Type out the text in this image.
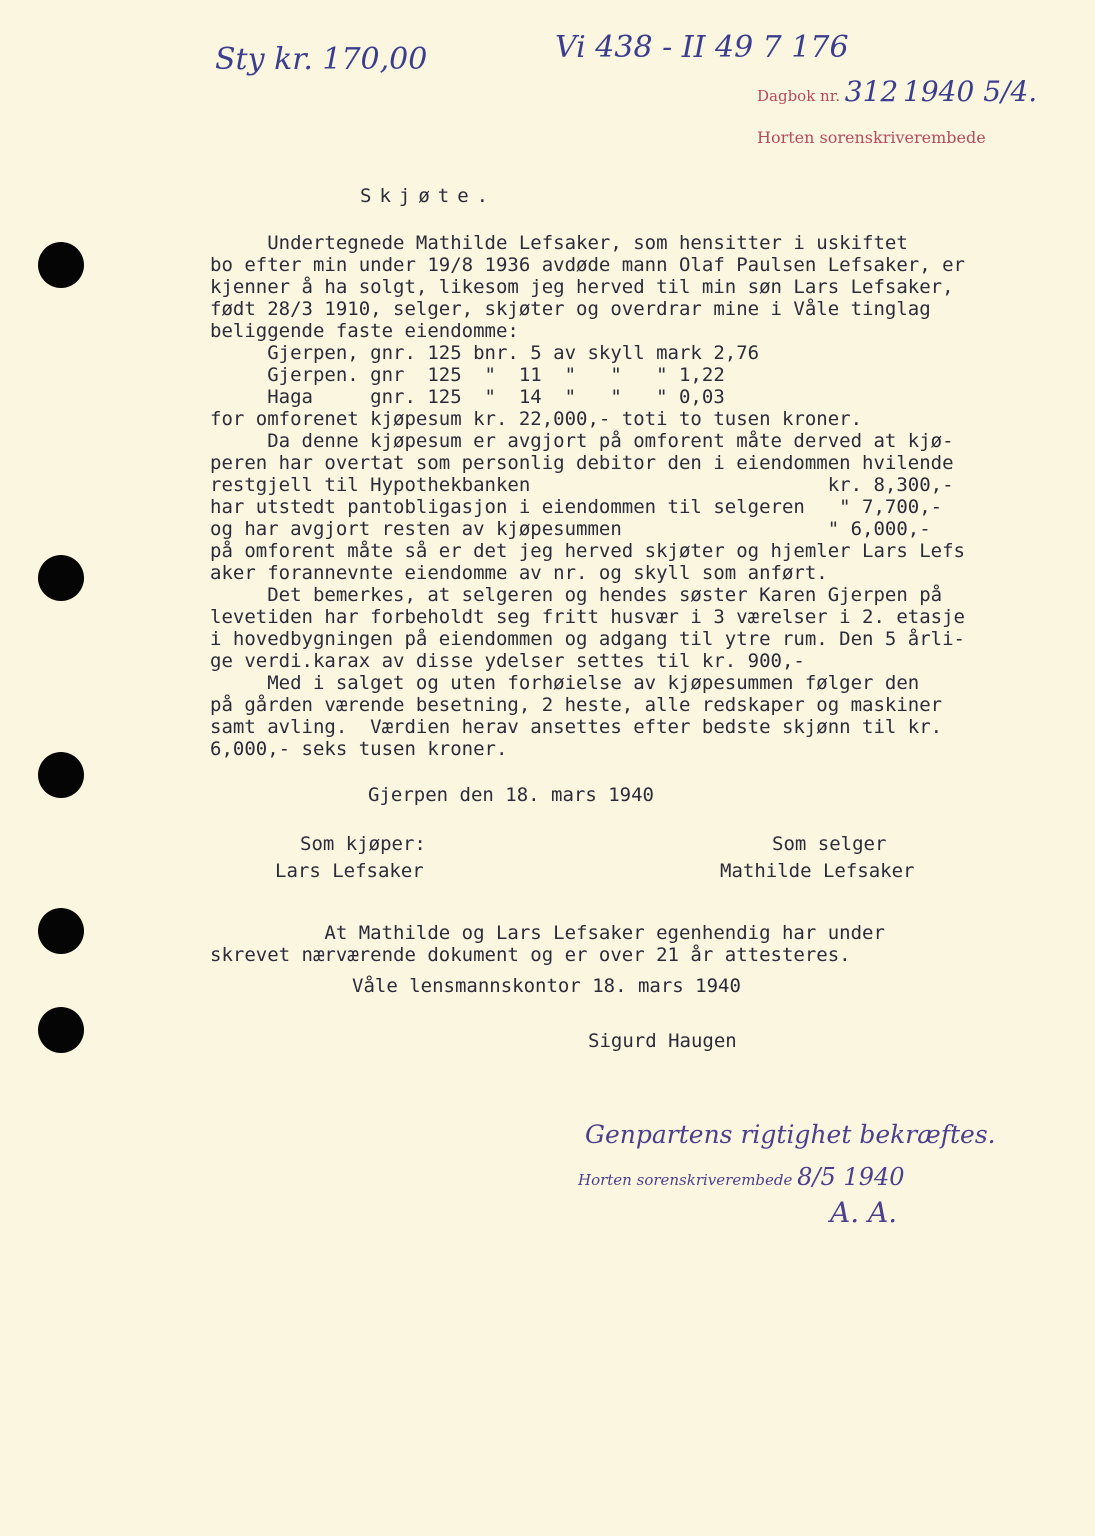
Sty kr. 170,00	Vi 438 - II 49 7 176
Dagbok nr. 312 1940 5/4.
Horten sorenskriverembede
Skjøte.
Undertegnede Mathilde Lefsaker, som hensitter i uskiftet
bo efter min under 19/8 1936 avdøde mann Olaf Paulsen Lefsaker, er
kjenner å ha solgt, likesom jeg herved til min søn Lars Lefsaker,
født 28/3 1910, selger, skjøter og overdrar mine i Våle tinglag
beliggende faste eiendomme:
Gjerpen, gnr. 125 bnr. 5 av skyll mark 2,76
Gjerpen. gnr  125  "  11  "   "   " 1,22
Haga     gnr. 125  "  14  "   "   " 0,03
for omforenet kjøpesum kr. 22,000,- toti to tusen kroner.
Da denne kjøpesum er avgjort på omforent måte derved at kjø-
peren har overtat som personlig debitor den i eiendommen hvilende
restgjell til Hypothekbanken                          kr. 8,300,-
har utstedt pantobligasjon i eiendommen til selgeren   " 7,700,-
og har avgjort resten av kjøpesummen                  " 6,000,-
på omforent måte så er det jeg herved skjøter og hjemler Lars Lefs
aker forannevnte eiendomme av nr. og skyll som anført.
Det bemerkes, at selgeren og hendes søster Karen Gjerpen på
levetiden har forbeholdt seg fritt husvær i 3 værelser i 2. etasje
i hovedbygningen på eiendommen og adgang til ytre rum. Den 5 årli-
ge verdi.karax av disse ydelser settes til kr. 900,-
Med i salget og uten forhøielse av kjøpesummen følger den
på gården værende besetning, 2 heste, alle redskaper og maskiner
samt avling.  Værdien herav ansettes efter bedste skjønn til kr.
6,000,- seks tusen kroner.
Gjerpen den 18. mars 1940
Som kjøper:
Lars Lefsaker
Som selger
Mathilde Lefsaker
At Mathilde og Lars Lefsaker egenhendig har under
skrevet nærværende dokument og er over 21 år attesteres.
Våle lensmannskontor 18. mars 1940
Sigurd Haugen
Genpartens rigtighet bekræftes.
Horten sorenskriverembede 8/5 1940
A. A.
